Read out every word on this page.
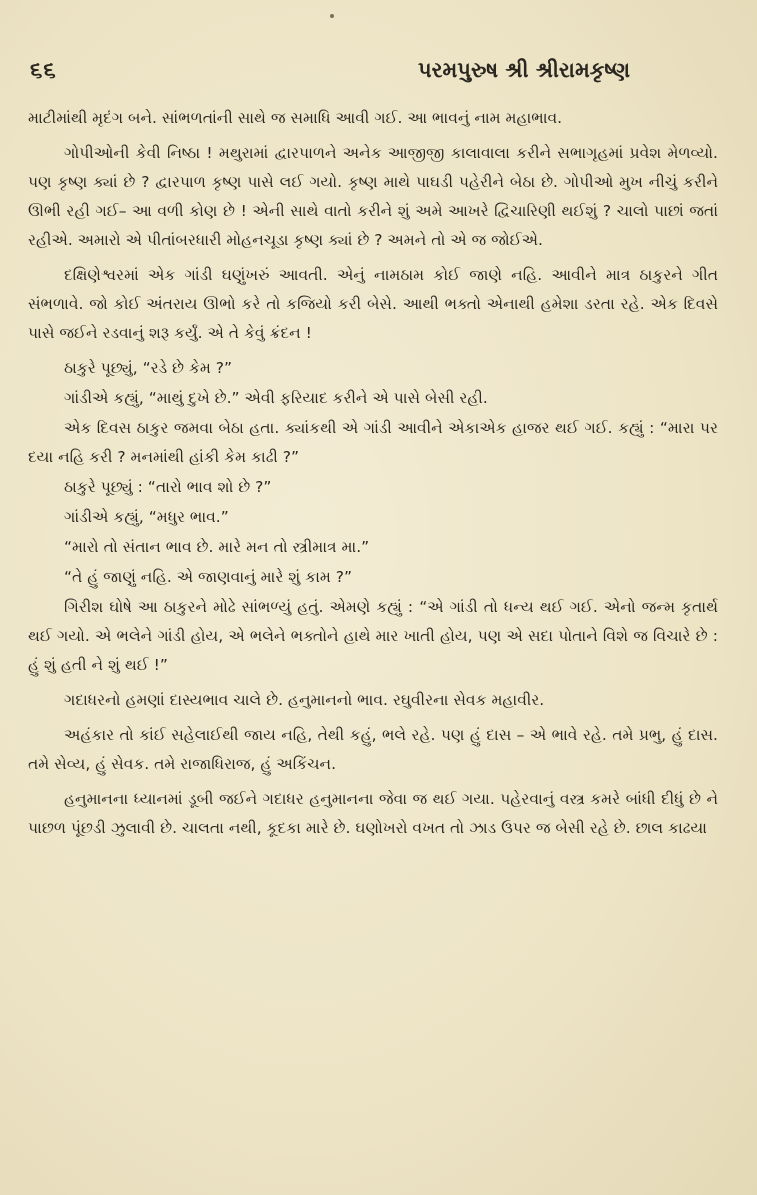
૬૬	પરમપુરુષ શ્રી શ્રીરામકૃષ્ણ

માટીમાંથી મૃદંગ બને. સાંભળતાંની સાથે જ સમાધિ આવી ગઈ. આ ભાવનું નામ મહાભાવ.

ગોપીઓની કેવી નિષ્ઠા ! મથુરામાં દ્વારપાળને અનેક આજીજી કાલાવાલા કરીને સભાગૃહમાં પ્રવેશ મેળવ્યો. પણ કૃષ્ણ ક્યાં છે ? દ્વારપાળ કૃષ્ણ પાસે લઈ ગયો. કૃષ્ણ માથે પાઘડી પહેરીને બેઠા છે. ગોપીઓ મુખ નીચું કરીને ઊભી રહી ગઈ– આ વળી કોણ છે ! એની સાથે વાતો કરીને શું અમે આખરે દ્વિચારિણી થઈશું ? ચાલો પાછાં જતાં રહીએ. અમારો એ પીતાંબરધારી મોહનચૂડા કૃષ્ણ ક્યાં છે ? અમને તો એ જ જોઈએ.

દક્ષિણેશ્વરમાં એક ગાંડી ઘણુંખરું આવતી. એનું નામઠામ કોઈ જાણે નહિ. આવીને માત્ર ઠાકુરને ગીત સંભળાવે. જો કોઈ અંતરાય ઊભો કરે તો કજિયો કરી બેસે. આથી ભક્તો એનાથી હમેશા ડરતા રહે. એક દિવસે પાસે જઈને રડવાનું શરૂ કર્યું. એ તે કેવું ક્રંદન !

ઠાકુરે પૂછ્યું, “રડે છે કેમ ?”

ગાંડીએ કહ્યું, “માથું દુખે છે.” એવી ફરિયાદ કરીને એ પાસે બેસી રહી.

એક દિવસ ઠાકુર જમવા બેઠા હતા. ક્યાંકથી એ ગાંડી આવીને એકાએક હાજર થઈ ગઈ. કહ્યું : “મારા પર દયા નહિ કરી ? મનમાંથી હાંકી કેમ કાઢી ?”

ઠાકુરે પૂછ્યું : “તારો ભાવ શો છે ?”

ગાંડીએ કહ્યું, “મધુર ભાવ.”

“મારો તો સંતાન ભાવ છે. મારે મન તો સ્ત્રીમાત્ર મા.”

“તે હું જાણું નહિ. એ જાણવાનું મારે શું કામ ?”

ગિરીશ ઘોષે આ ઠાકુરને મોઢે સાંભળ્યું હતું. એમણે કહ્યું : “એ ગાંડી તો ધન્ય થઈ ગઈ. એનો જન્મ કૃતાર્થ થઈ ગયો. એ ભલેને ગાંડી હોય, એ ભલેને ભક્તોને હાથે માર ખાતી હોય, પણ એ સદા પોતાને વિશે જ વિચારે છે : હું શું હતી ને શું થઈ !”

ગદાધરનો હમણાં દાસ્યભાવ ચાલે છે. હનુમાનનો ભાવ. રઘુવીરના સેવક મહાવીર.

અહંકાર તો કાંઈ સહેલાઈથી જાય નહિ, તેથી કહું, ભલે રહે. પણ હું દાસ – એ ભાવે રહે. તમે પ્રભુ, હું દાસ. તમે સેવ્ય, હું સેવક. તમે રાજાધિરાજ, હું અકિંચન.

હનુમાનના ધ્યાનમાં ડૂબી જઈને ગદાધર હનુમાનના જેવા જ થઈ ગયા. પહેરવાનું વસ્ત્ર કમરે બાંધી દીધું છે ને પાછળ પૂંછડી ઝુલાવી છે. ચાલતા નથી, કૂદકા મારે છે. ઘણોખરો વખત તો ઝાડ ઉપર જ બેસી રહે છે. છાલ કાઢયા
